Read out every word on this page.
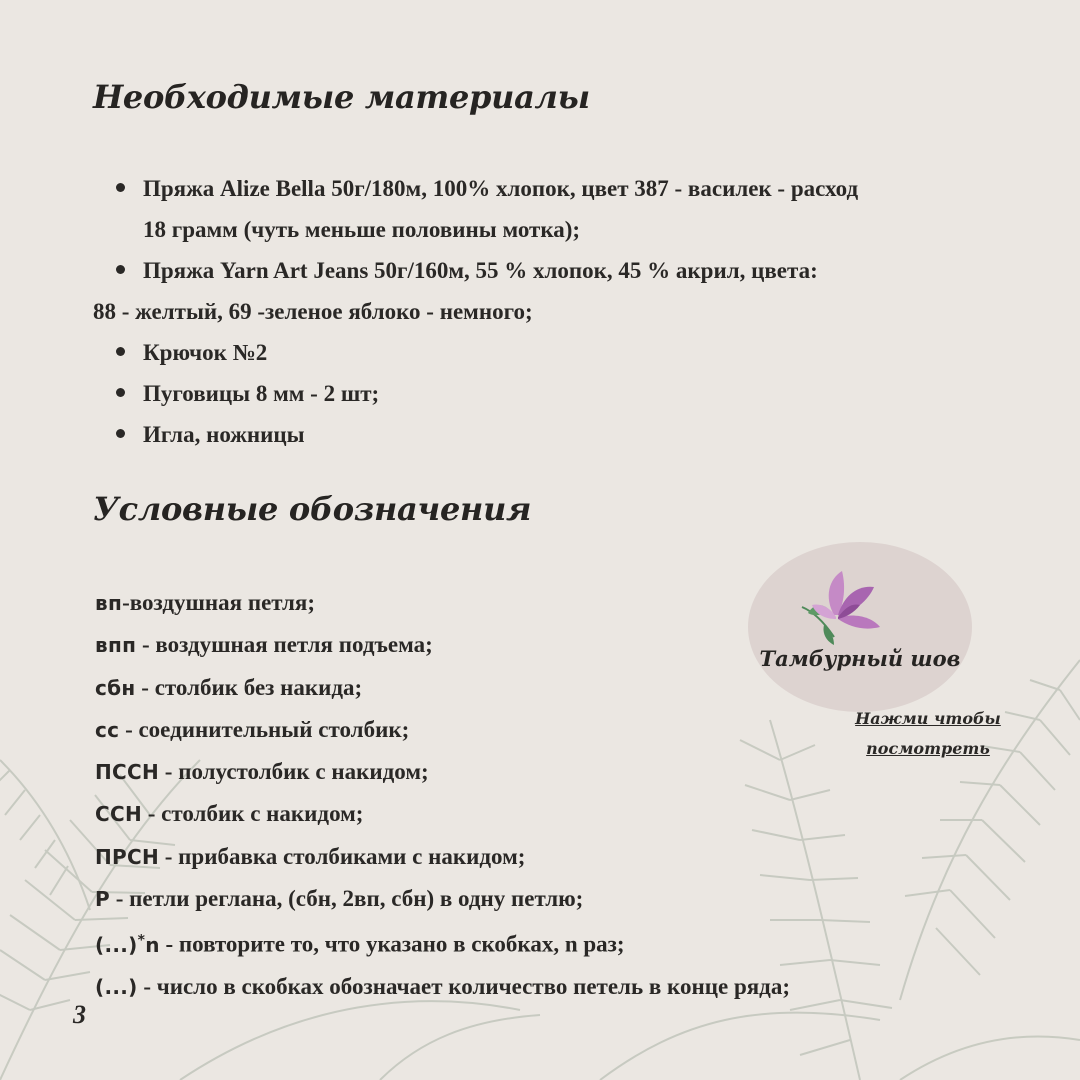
Необходимые материалы
Пряжа Alize Bella 50г/180м, 100% хлопок, цвет 387 - василек - расход
18 грамм (чуть меньше половины мотка);
Пряжа Yarn Art Jeans 50г/160м, 55 % хлопок, 45 % акрил, цвета:
88 - желтый, 69 -зеленое яблоко - немного;
Крючок №2
Пуговицы 8 мм - 2 шт;
Игла, ножницы
Условные обозначения
вп-воздушная петля;
впп - воздушная петля подъема;
сбн - столбик без накида;
сс - соединительный столбик;
ПССН - полустолбик с накидом;
ССН - столбик с накидом;
ПРСН - прибавка столбиками с накидом;
Р - петли реглана, (сбн, 2вп, сбн) в одну петлю;
(...)*n - повторите то, что указано в скобках, n раз;
(...) - число в скобках обозначает количество петель в конце ряда;
3
Тамбурный шов
Нажми чтобы
посмотреть
